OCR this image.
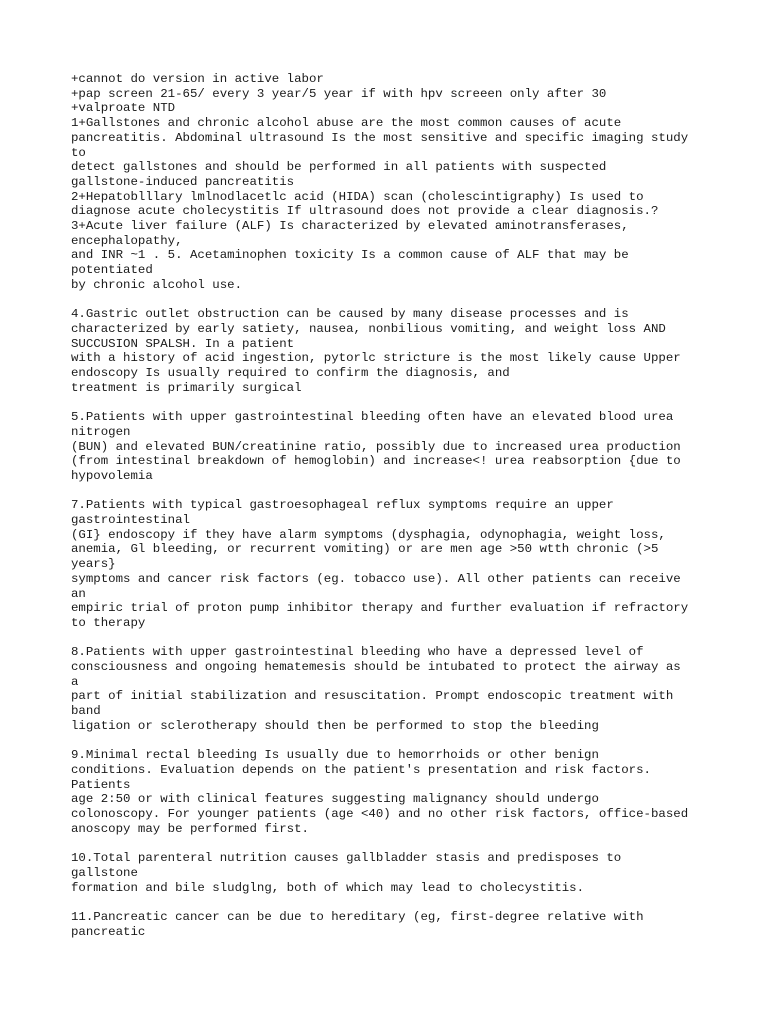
+cannot do version in active labor
+pap screen 21-65/ every 3 year/5 year if with hpv screeen only after 30
+valproate NTD
1+Gallstones and chronic alcohol abuse are the most common causes of acute
pancreatitis. Abdominal ultrasound Is the most sensitive and specific imaging study
to
detect gallstones and should be performed in all patients with suspected
gallstone-induced pancreatitis
2+Hepatoblllary lmlnodlacetlc acid (HIDA) scan (cholescintigraphy) Is used to
diagnose acute cholecystitis If ultrasound does not provide a clear diagnosis.?
3+Acute liver failure (ALF) Is characterized by elevated aminotransferases,
encephalopathy,
and INR ~1 . 5. Acetaminophen toxicity Is a common cause of ALF that may be
potentiated
by chronic alcohol use.
4.Gastric outlet obstruction can be caused by many disease processes and is
characterized by early satiety, nausea, nonbilious vomiting, and weight loss AND
SUCCUSION SPALSH. In a patient
with a history of acid ingestion, pytorlc stricture is the most likely cause Upper
endoscopy Is usually required to confirm the diagnosis, and
treatment is primarily surgical
5.Patients with upper gastrointestinal bleeding often have an elevated blood urea
nitrogen
(BUN) and elevated BUN/creatinine ratio, possibly due to increased urea production
(from intestinal breakdown of hemoglobin) and increase<! urea reabsorption {due to
hypovolemia
7.Patients with typical gastroesophageal reflux symptoms require an upper
gastrointestinal
(GI} endoscopy if they have alarm symptoms (dysphagia, odynophagia, weight loss,
anemia, Gl bleeding, or recurrent vomiting) or are men age >50 wtth chronic (>5
years}
symptoms and cancer risk factors (eg. tobacco use). All other patients can receive
an
empiric trial of proton pump inhibitor therapy and further evaluation if refractory
to therapy
8.Patients with upper gastrointestinal bleeding who have a depressed level of
consciousness and ongoing hematemesis should be intubated to protect the airway as
a
part of initial stabilization and resuscitation. Prompt endoscopic treatment with
band
ligation or sclerotherapy should then be performed to stop the bleeding
9.Minimal rectal bleeding Is usually due to hemorrhoids or other benign
conditions. Evaluation depends on the patient's presentation and risk factors.
Patients
age 2:50 or with clinical features suggesting malignancy should undergo
colonoscopy. For younger patients (age <40) and no other risk factors, office-based
anoscopy may be performed first.
10.Total parenteral nutrition causes gallbladder stasis and predisposes to
gallstone
formation and bile sludglng, both of which may lead to cholecystitis.
11.Pancreatic cancer can be due to hereditary (eg, first-degree relative with
pancreatic
